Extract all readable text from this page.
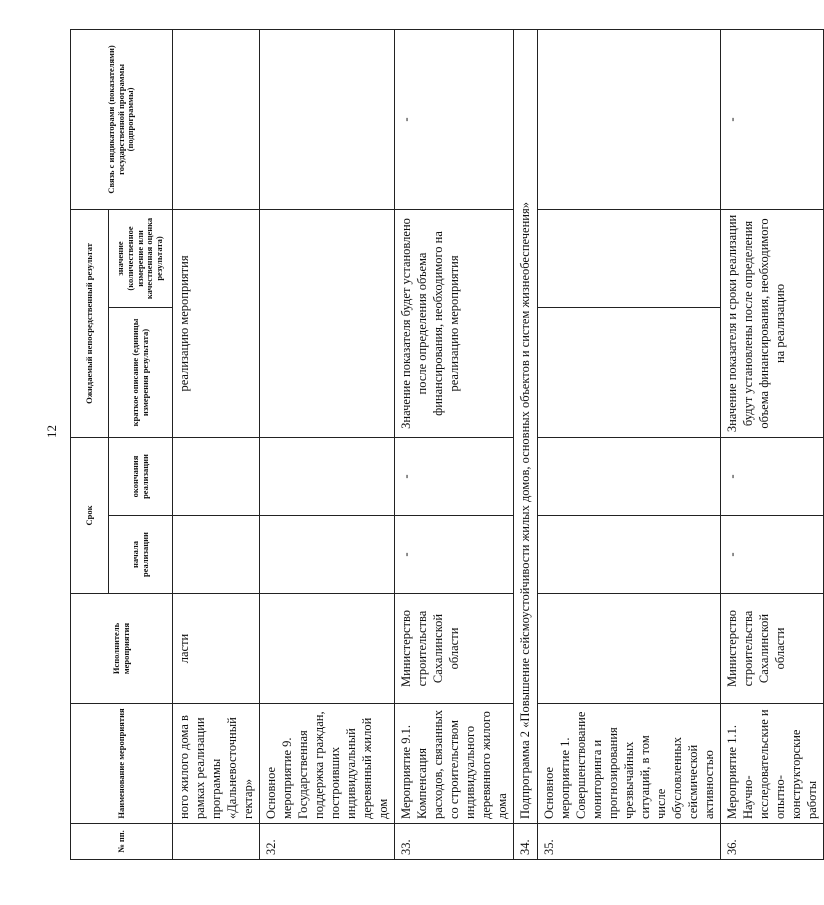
12
№ пп.	Наименование мероприятия	Исполнитель мероприятия	Срок		Ожидаемый непосредственный результат		Связь с индикаторами (показателями) государственной программы (подпрограммы)
			начала реализации	окончания реализации	краткое описание (единицы измерения результата)	значение (количественное измерение или качественная оценка результата)	
	ного жилого дома в рамках реализации программы «Дальневосточный гектар»	ласти			реализацию мероприятия		
32.	Основное мероприятие 9. Государственная поддержка граждан, построивших индивидуальный деревянный жилой дом						
33.	Мероприятие 9.1. Компенсация расходов, связанных со строительством индивидуального деревянного жилого дома	Министерство строительства Сахалинской области	-	-	Значение показателя будет установлено после определения объема финансирования, необходимого на реализацию мероприятия		-
34.	Подпрограмма 2 «Повышение сейсмоустойчивости жилых домов, основных объектов и систем жизнеобеспечения»						
35.	Основное мероприятие 1. Совершенствование мониторинга и прогнозирования чрезвычайных ситуаций, в том числе обусловленных сейсмической активностью						
36.	Мероприятие 1.1. Научно-исследовательские и опытно-конструкторские работы	Министерство строительства Сахалинской области	-	-	Значение показателя и сроки реализации будут установлены после определения объема финансирования, необходимого на реализацию		-
